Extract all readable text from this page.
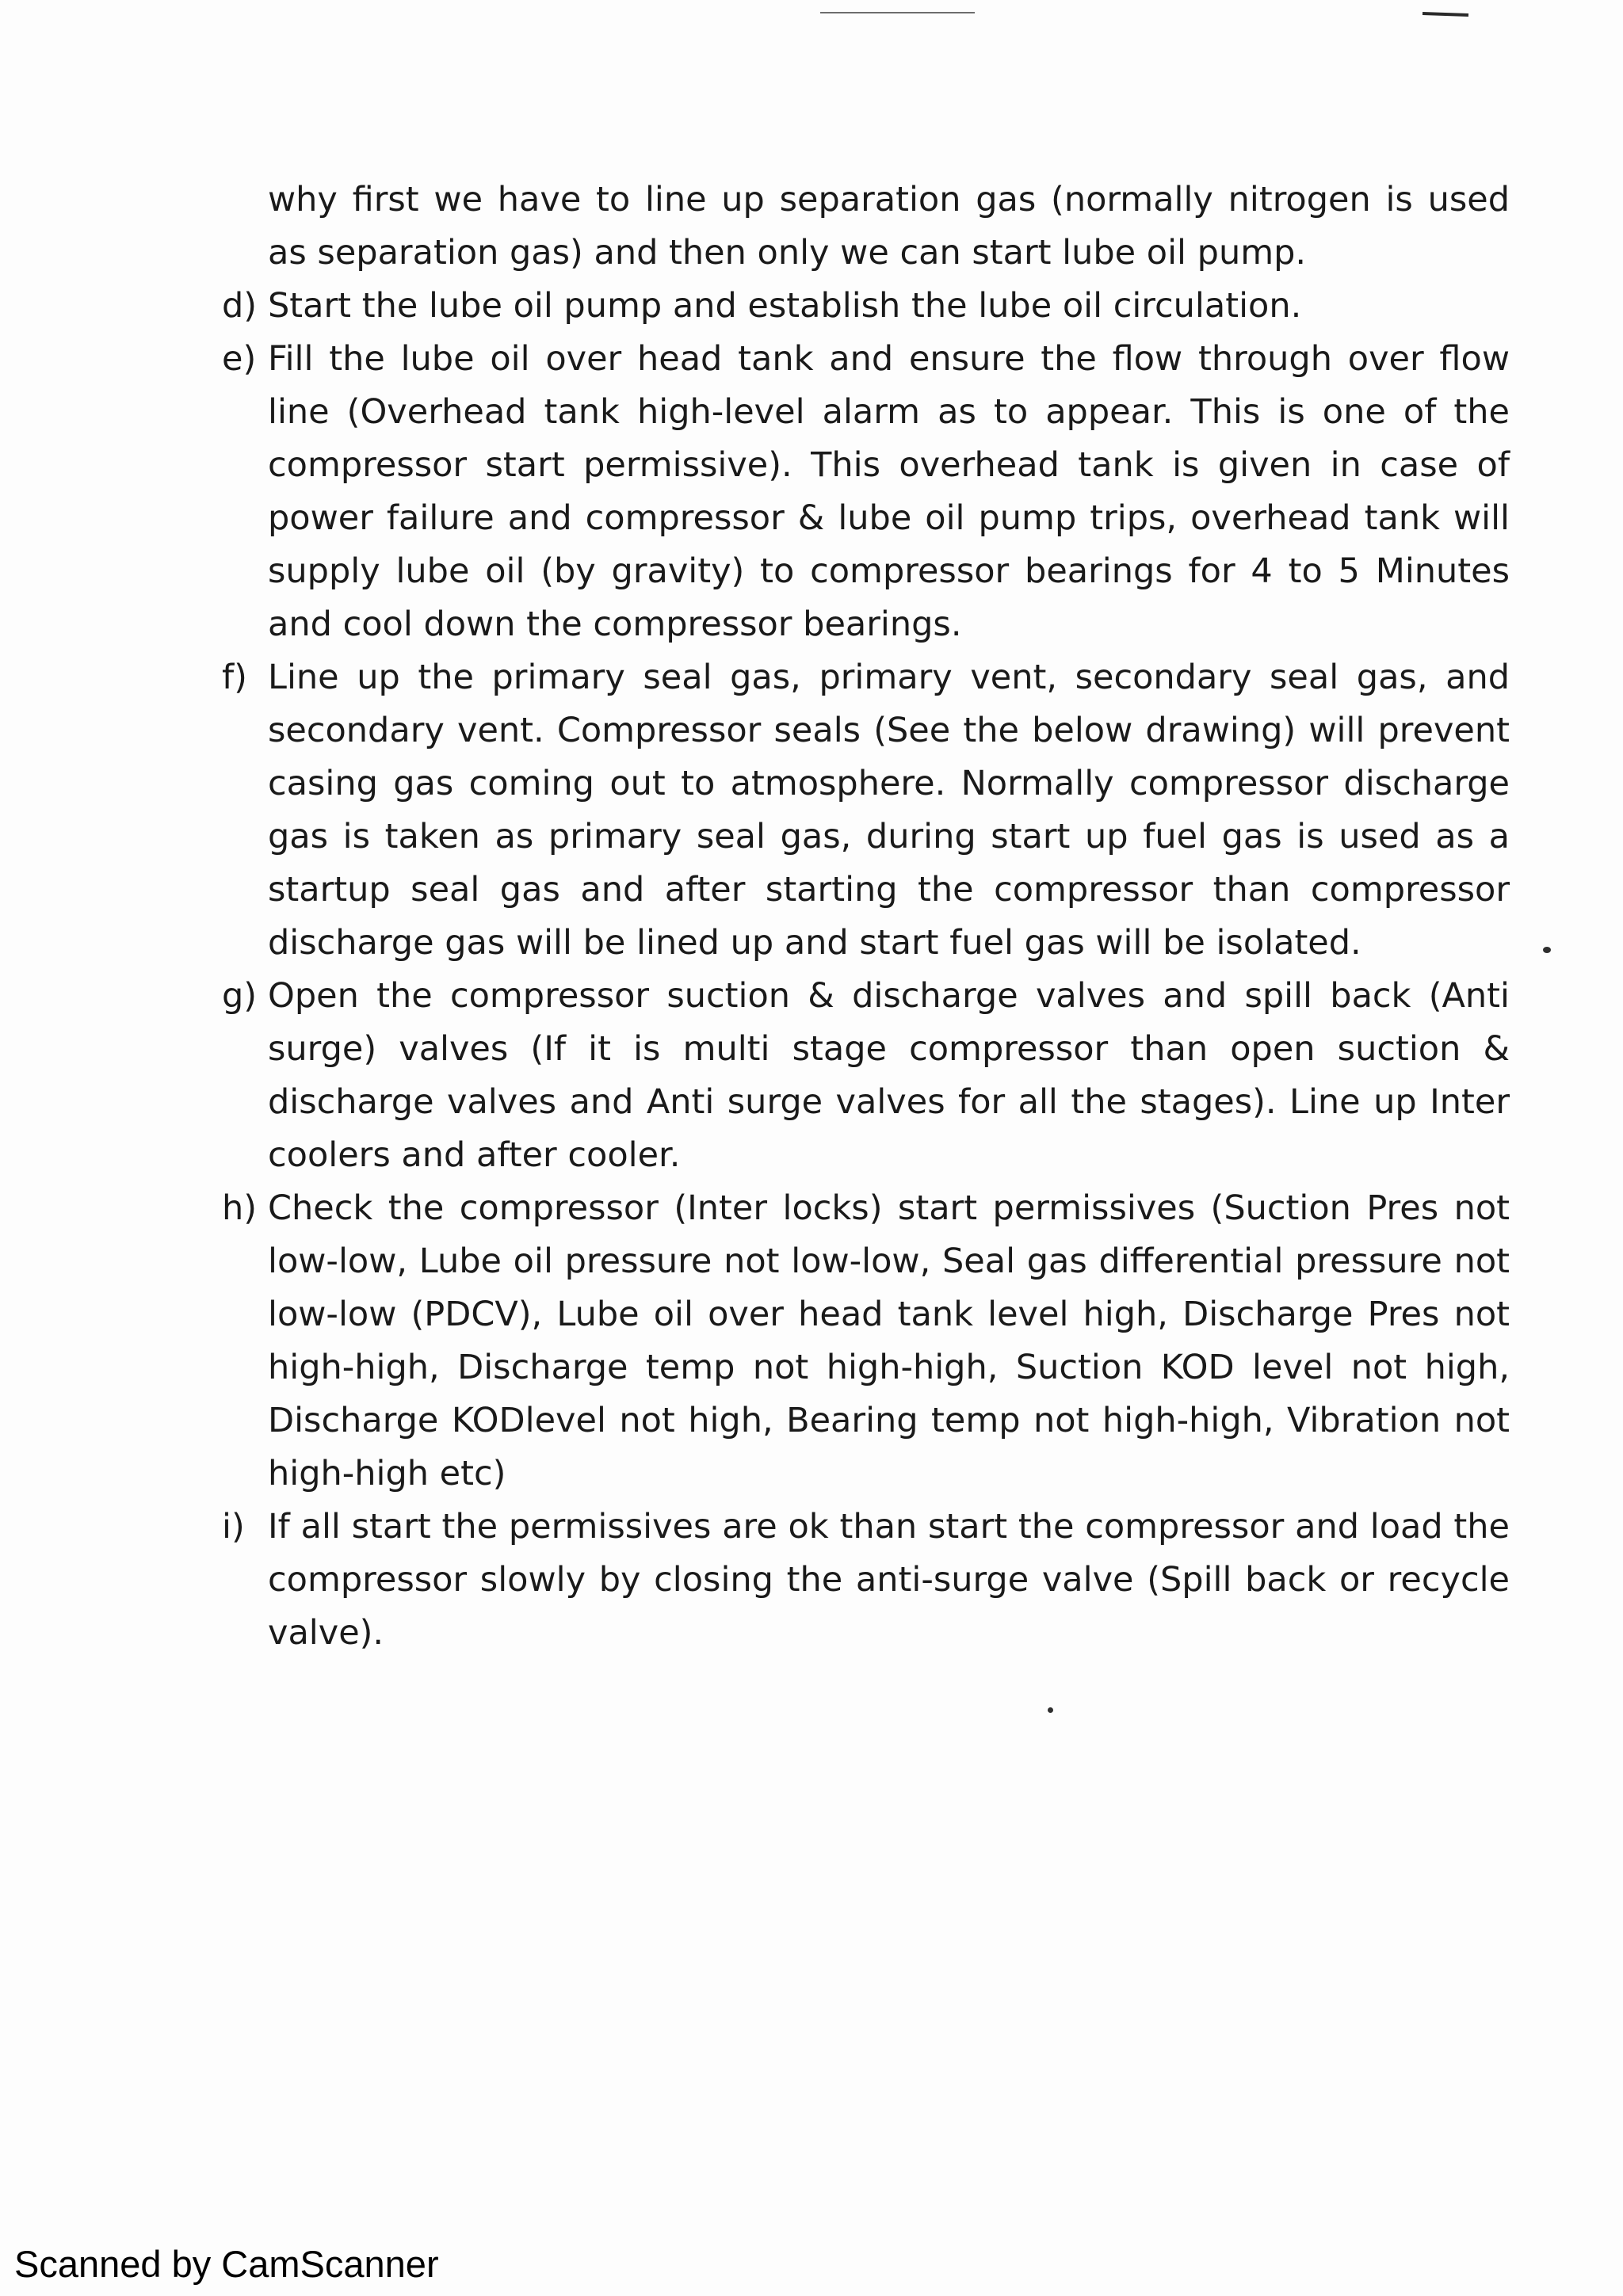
why first we have to line up separation gas (normally nitrogen is used as separation gas) and then only we can start lube oil pump.

d) Start the lube oil pump and establish the lube oil circulation.
e) Fill the lube oil over head tank and ensure the flow through over flow line (Overhead tank high-level alarm as to appear. This is one of the compressor start permissive). This overhead tank is given in case of power failure and compressor & lube oil pump trips, overhead tank will supply lube oil (by gravity) to compressor bearings for 4 to 5 Minutes and cool down the compressor bearings.
f) Line up the primary seal gas, primary vent, secondary seal gas, and secondary vent. Compressor seals (See the below drawing) will prevent casing gas coming out to atmosphere. Normally compressor discharge gas is taken as primary seal gas, during start up fuel gas is used as a startup seal gas and after starting the compressor than compressor discharge gas will be lined up and start fuel gas will be isolated.
g) Open the compressor suction & discharge valves and spill back (Anti surge) valves (If it is multi stage compressor than open suction & discharge valves and Anti surge valves for all the stages). Line up Inter coolers and after cooler.
h) Check the compressor (Inter locks) start permissives (Suction Pres not low-low, Lube oil pressure not low-low, Seal gas differential pressure not low-low (PDCV), Lube oil over head tank level high, Discharge Pres not high-high, Discharge temp not high-high, Suction KOD level not high, Discharge KODlevel not high, Bearing temp not high-high, Vibration not high-high etc)
i) If all start the permissives are ok than start the compressor and load the compressor slowly by closing the anti-surge valve (Spill back or recycle valve).
Scanned by CamScanner
